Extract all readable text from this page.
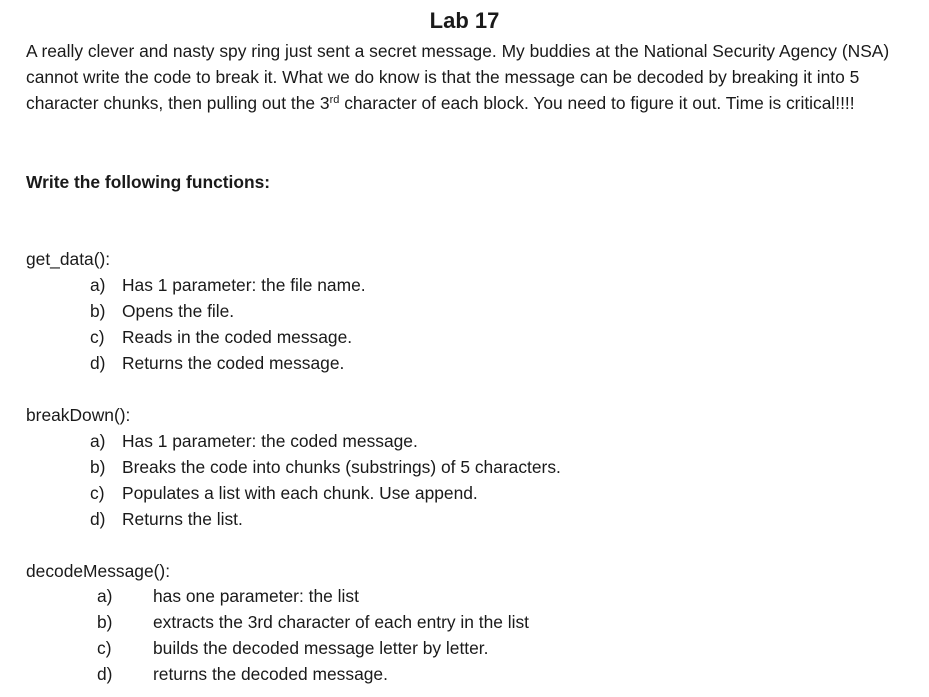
Lab 17

A really clever and nasty spy ring just sent a secret message. My buddies at the National Security Agency (NSA) cannot write the code to break it. What we do know is that the message can be decoded by breaking it into 5 character chunks, then pulling out the 3rd character of each block. You need to figure it out. Time is critical!!!!

Write the following functions:
get_data():
a) Has 1 parameter: the file name.
b) Opens the file.
c) Reads in the coded message.
d) Returns the coded message.
breakDown():
a) Has 1 parameter: the coded message.
b) Breaks the code into chunks (substrings) of 5 characters.
c) Populates a list with each chunk. Use append.
d) Returns the list.
decodeMessage():
a) has one parameter: the list
b) extracts the 3rd character of each entry in the list
c) builds the decoded message letter by letter.
d) returns the decoded message.
